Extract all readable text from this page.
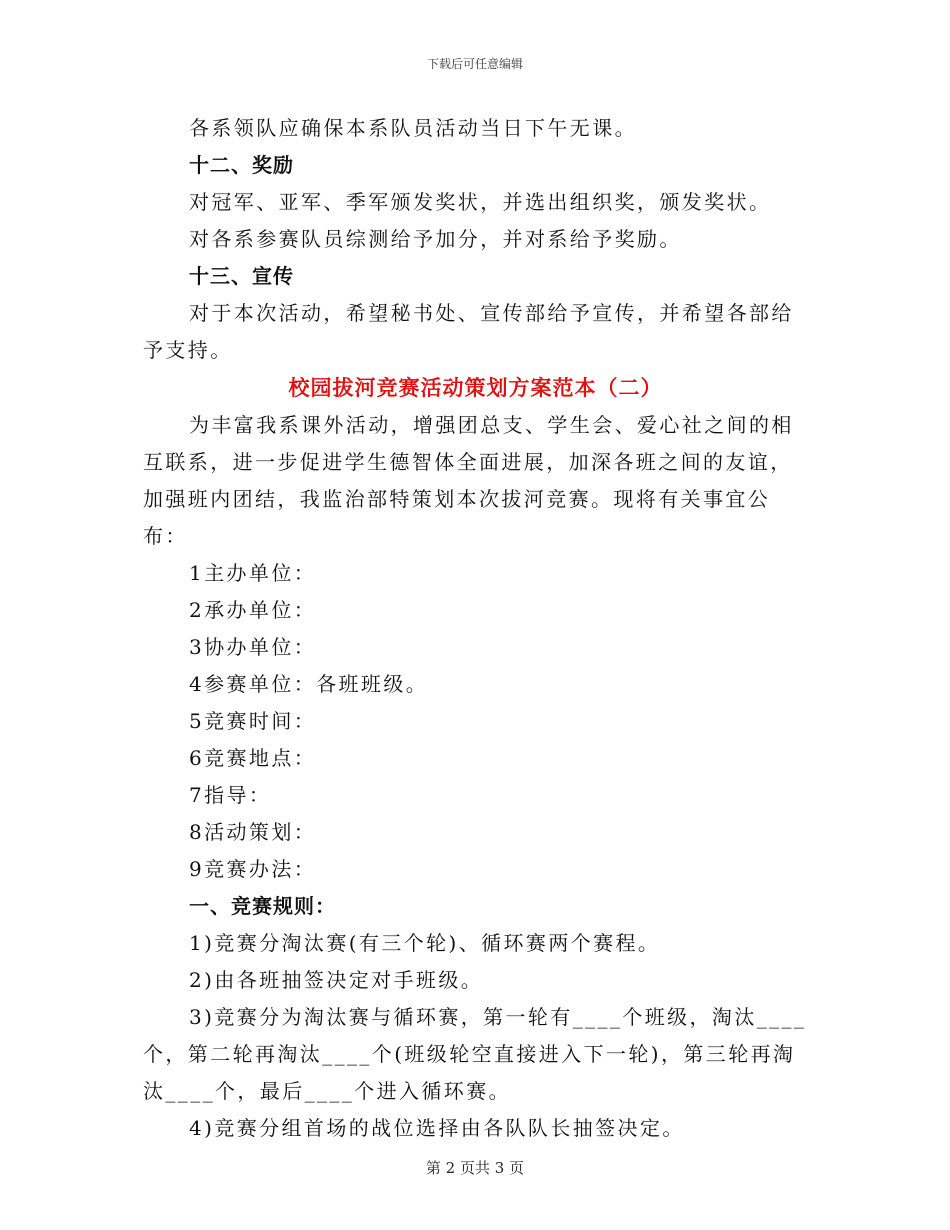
下载后可任意编辑

各系领队应确保本系队员活动当日下午无课。

十二、奖励

对冠军、亚军、季军颁发奖状，并选出组织奖，颁发奖状。

对各系参赛队员综测给予加分，并对系给予奖励。

十三、宣传

对于本次活动，希望秘书处、宣传部给予宣传，并希望各部给予支持。

校园拔河竞赛活动策划方案范本（二）

为丰富我系课外活动，增强团总支、学生会、爱心社之间的相互联系，进一步促进学生德智体全面进展，加深各班之间的友谊，加强班内团结，我监治部特策划本次拔河竞赛。现将有关事宜公布：

1主办单位：

2承办单位：

3协办单位：

4参赛单位：各班班级。

5竞赛时间：

6竞赛地点：

7指导：

8活动策划：

9竞赛办法：

一、竞赛规则：

1)竞赛分淘汰赛(有三个轮)、循环赛两个赛程。

2)由各班抽签决定对手班级。

3)竞赛分为淘汰赛与循环赛，第一轮有____个班级，淘汰____个，第二轮再淘汰____个(班级轮空直接进入下一轮)，第三轮再淘汰____个，最后____个进入循环赛。

4)竞赛分组首场的战位选择由各队队长抽签决定。

第 2 页共 3 页
